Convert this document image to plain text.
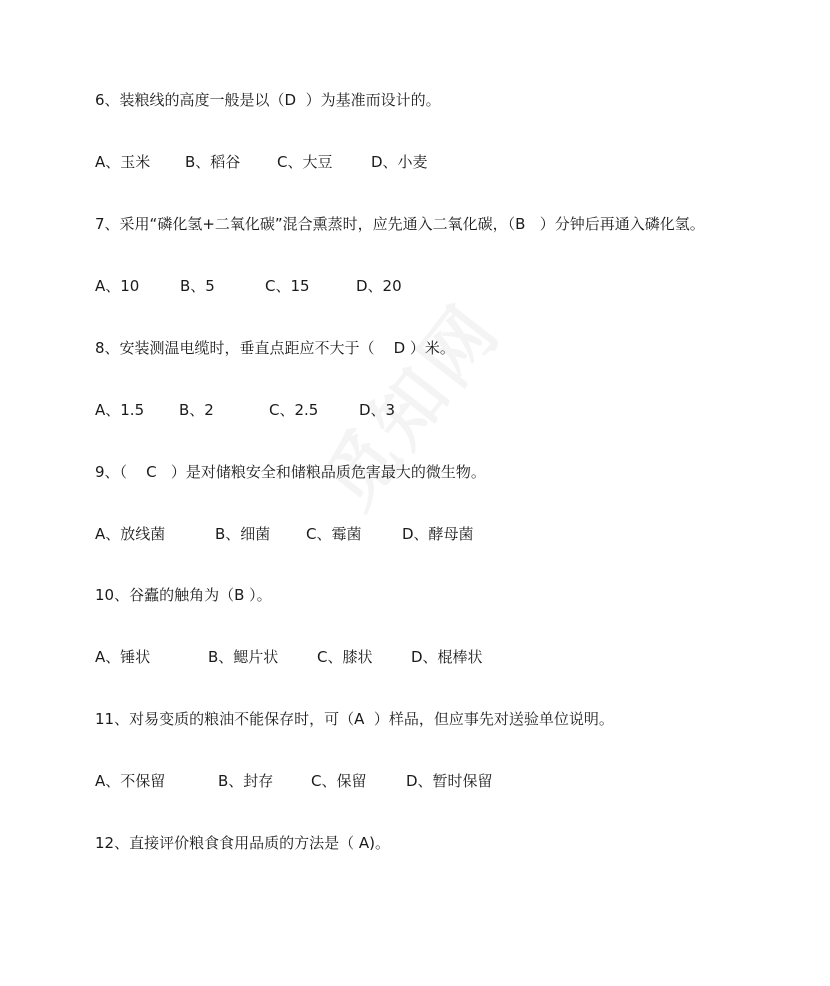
6、装粮线的高度一般是以（D  ）为基准而设计的。

A、玉米

B、稻谷

C、大豆

	D、小麦

7、采用“磷化氢+二氧化碳”混合熏蒸时，应先通入二氧化碳，（B   ）分钟后再通入磷化氢。

A、10

	B、5

	C、15

	D、20

8、安装测温电缆时，垂直点距应不大于（    D ）米。

A、1.5

B、2

	C、2.5

	D、3

9、（    C   ）是对储粮安全和储粮品质危害最大的微生物。

A、放线菌

	B、细菌

C、霉菌

	D、酵母菌

10、谷蠹的触角为（B ）。

A、锤状

	B、鳃片状

	C、膝状

	D、棍棒状

11、对易变质的粮油不能保存时，可（A  ）样品，但应事先对送验单位说明。

A、不保留

	B、封存

	C、保留

	D、暂时保留

12、直接评价粮食食用品质的方法是（ A)。
